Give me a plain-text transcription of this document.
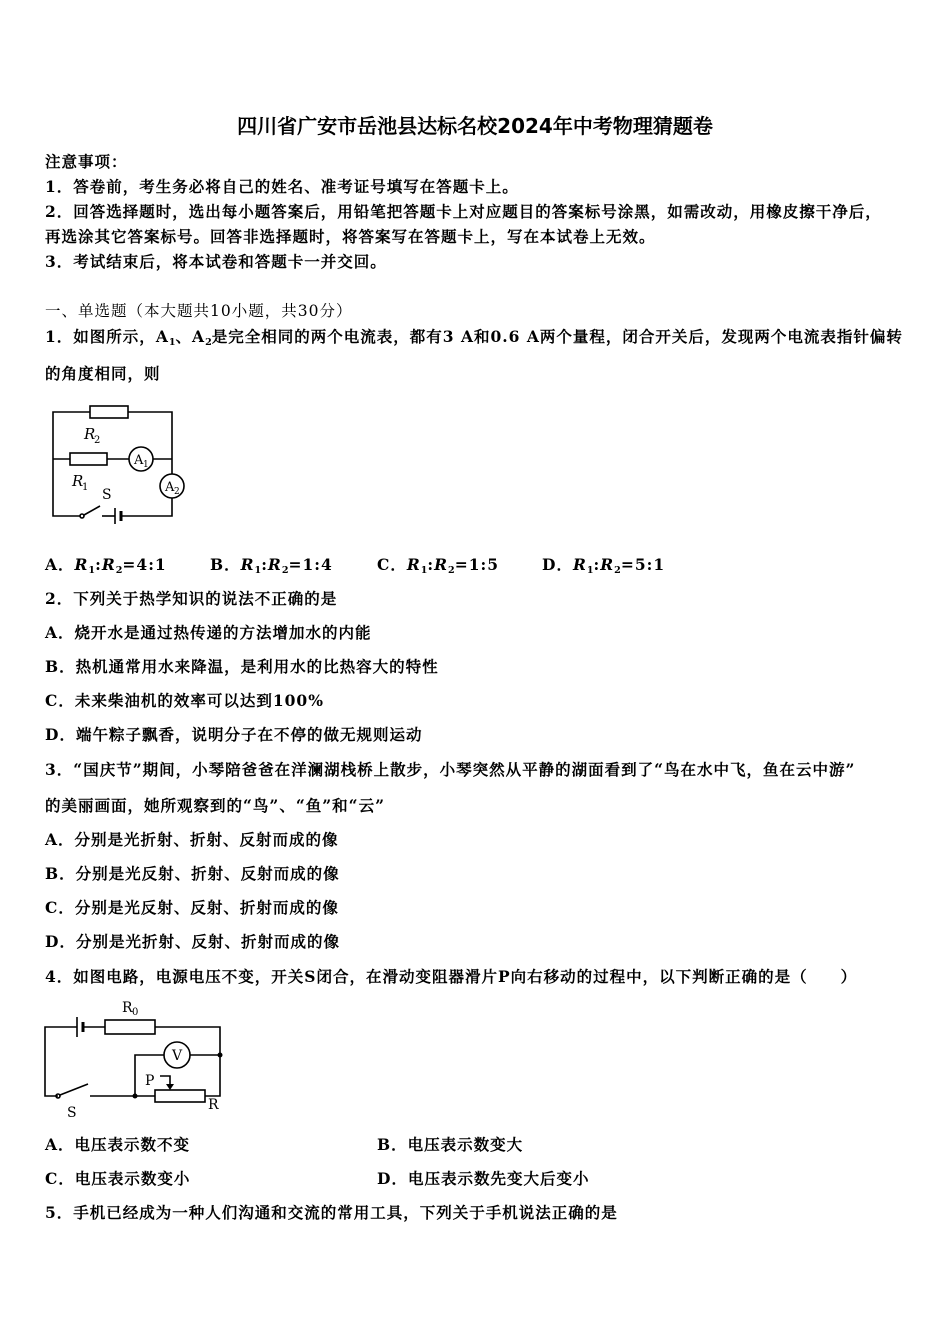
四川省广安市岳池县达标名校2024年中考物理猜题卷
注意事项：
1．答卷前，考生务必将自己的姓名、准考证号填写在答题卡上。
2．回答选择题时，选出每小题答案后，用铅笔把答题卡上对应题目的答案标号涂黑，如需改动，用橡皮擦干净后，
再选涂其它答案标号。回答非选择题时，将答案写在答题卡上，写在本试卷上无效。
3．考试结束后，将本试卷和答题卡一并交回。
一、单选题（本大题共10小题，共30分）
1．如图所示，$A_1$、$A_2$是完全相同的两个电流表，都有3 A和0.6 A两个量程，闭合开关后，发现两个电流表指针偏转
的角度相同，则
R
2
R
1
A 1
A 2
S
A．$R_1:R_2=4:1$	B．$R_1:R_2=1:4$	C．$R_1:R_2=1:5$	D．$R_1:R_2=5:1$
2．下列关于热学知识的说法不正确的是
A．烧开水是通过热传递的方法增加水的内能
B．热机通常用水来降温，是利用水的比热容大的特性
C．未来柴油机的效率可以达到100%
D．端午粽子飘香，说明分子在不停的做无规则运动
3．“国庆节”期间，小琴陪爸爸在洋澜湖栈桥上散步，小琴突然从平静的湖面看到了“鸟在水中飞，鱼在云中游”
的美丽画面，她所观察到的“鸟”、“鱼”和“云”
A．分别是光折射、折射、反射而成的像
B．分别是光反射、折射、反射而成的像
C．分别是光反射、反射、折射而成的像
D．分别是光折射、反射、折射而成的像
4．如图电路，电源电压不变，开关S闭合，在滑动变阻器滑片P向右移动的过程中，以下判断正确的是（　　）
R 0
V
P
R
S
A．电压表示数不变	B．电压表示数变大
C．电压表示数变小	D．电压表示数先变大后变小
5．手机已经成为一种人们沟通和交流的常用工具，下列关于手机说法正确的是
